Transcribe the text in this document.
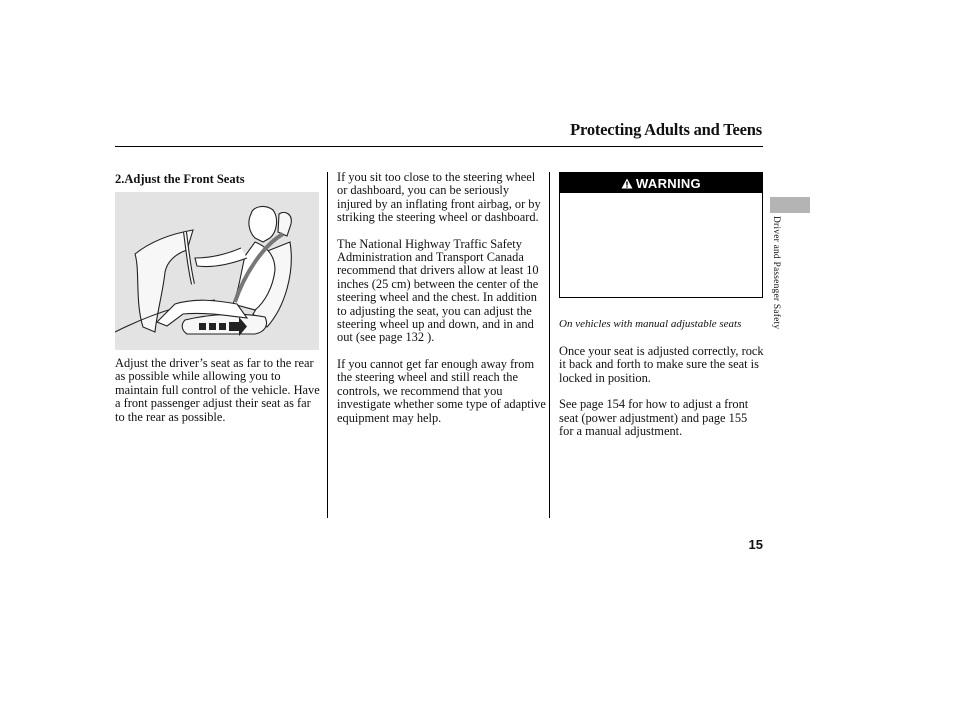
Protecting Adults and Teens
2.Adjust the Front Seats
Adjust the driver’s seat as far to the rear as possible while allowing you to maintain full control of the vehicle. Have a front passenger adjust their seat as far to the rear as possible.

If you sit too close to the steering wheel or dashboard, you can be seriously injured by an inflating front airbag, or by striking the steering wheel or dashboard.

The National Highway Traffic Safety Administration and Transport Canada recommend that drivers allow at least 10 inches (25 cm) between the center of the steering wheel and the chest. In addition to adjusting the seat, you can adjust the steering wheel up and down, and in and out (see page 132 ).

If you cannot get far enough away from the steering wheel and still reach the controls, we recommend that you investigate whether some type of adaptive equipment may help.

WARNING
On vehicles with manual adjustable seats

Once your seat is adjusted correctly, rock it back and forth to make sure the seat is locked in position.

See page 154 for how to adjust a front seat (power adjustment) and page 155 for a manual adjustment.

Driver and Passenger Safety
15
